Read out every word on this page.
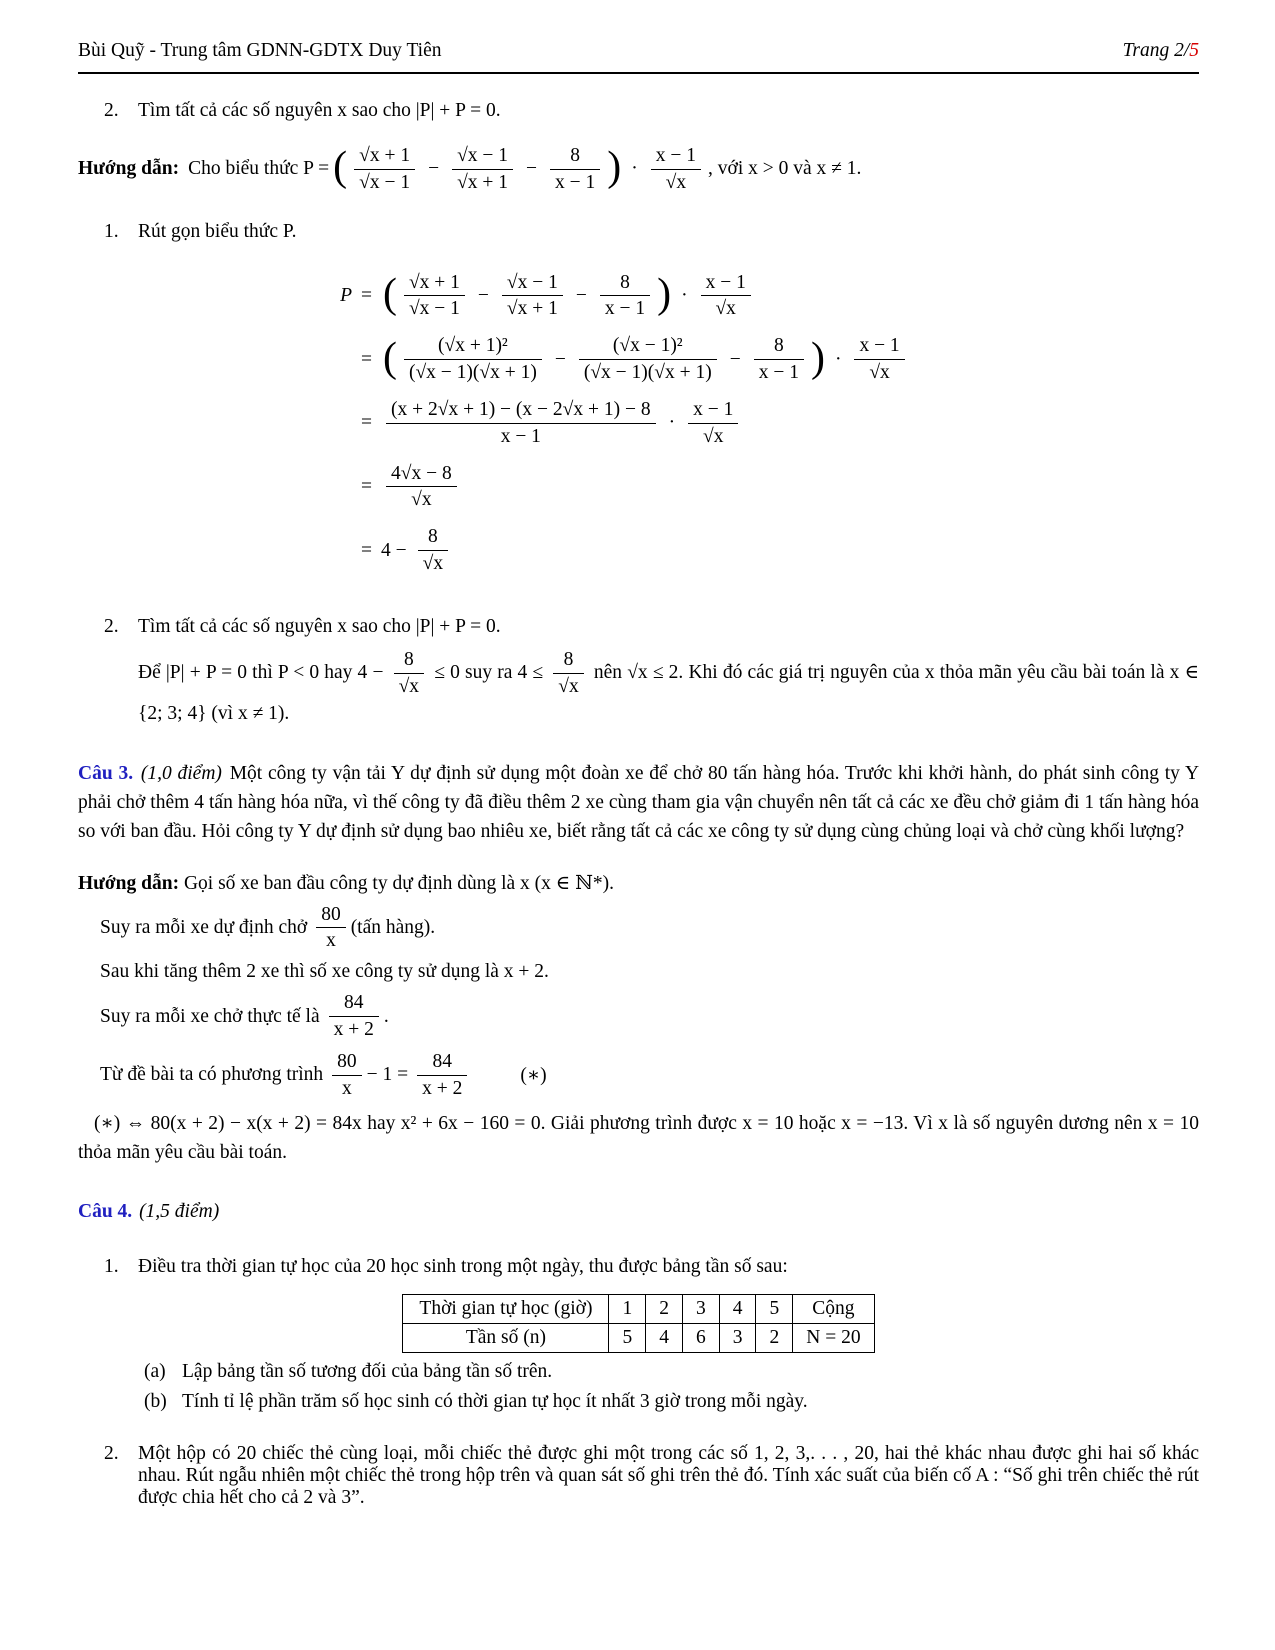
Bùi Quỹ - Trung tâm GDNN-GDTX Duy Tiên	Trang 2/5
2. Tìm tất cả các số nguyên x sao cho |P| + P = 0.

Hướng dẫn: Cho biểu thức P = ( $\frac{√x + 1}{√x - 1} - \frac{√x - 1}{√x + 1} - \frac{8}{x - 1}$ ) · $\frac{x - 1}{√x}$ , với x > 0 và x ≠ 1.
1. Rút gọn biểu thức P.

P = ( $\frac{√x + 1}{√x - 1} - \frac{√x - 1}{√x + 1} - \frac{8}{x - 1}$ ) · $\frac{x - 1}{√x}$
= ( $\frac{\text{(√x + 1)²}}{(√x - 1)(√x + 1)} - \frac{\text{(√x − 1)²}}{(√x - 1)(√x + 1)} - \frac{8}{x - 1}$ ) · $\frac{x - 1}{√x}$
= $\frac{(x + 2√x + 1) - (x - 2√x + 1) - 8}{x - 1} \cdot \frac{x - 1}{√x}$
= $\frac{4√x - 8}{√x}$
= $4 - \frac{8}{√x}$
2. Tìm tất cả các số nguyên x sao cho |P| + P = 0.

Để |P| + P = 0 thì P < 0 hay $4 - \frac{8}{√x} \le 0$ suy ra $4 \le \frac{8}{√x}$ nên √x ≤ 2. Khi đó các giá trị nguyên của x thỏa mãn yêu cầu bài toán là x ∈ {2; 3; 4} (vì x ≠ 1).

Câu 3. (1,0 điểm) Một công ty vận tải Y dự định sử dụng một đoàn xe để chở 80 tấn hàng hóa. Trước khi khởi hành, do phát sinh công ty Y phải chở thêm 4 tấn hàng hóa nữa, vì thế công ty đã điều thêm 2 xe cùng tham gia vận chuyển nên tất cả các xe đều chở giảm đi 1 tấn hàng hóa so với ban đầu. Hỏi công ty Y dự định sử dụng bao nhiêu xe, biết rằng tất cả các xe công ty sử dụng cùng chủng loại và chở cùng khối lượng?

Hướng dẫn: Gọi số xe ban đầu công ty dự định dùng là x (x ∈ ℕ*).

Suy ra mỗi xe dự định chở $\frac{80}{x}$ (tấn hàng).
Sau khi tăng thêm 2 xe thì số xe công ty sử dụng là x + 2.
Suy ra mỗi xe chở thực tế là $\frac{84}{x + 2}$ .
Từ đề bài ta có phương trình $\frac{80}{x} - 1 = \frac{84}{x + 2}$	(∗)

(∗) ⇔ 80(x + 2) − x(x + 2) = 84x hay x² + 6x − 160 = 0. Giải phương trình được x = 10 hoặc x = −13. Vì x là số nguyên dương nên x = 10 thỏa mãn yêu cầu bài toán.

Câu 4. (1,5 điểm)

1. Điều tra thời gian tự học của 20 học sinh trong một ngày, thu được bảng tần số sau:

Thời gian tự học (giờ)	1	2	3	4	5	Cộng
Tần số (n)	5	4	6	3	2	N = 20
(a) Lập bảng tần số tương đối của bảng tần số trên.

(b) Tính tỉ lệ phần trăm số học sinh có thời gian tự học ít nhất 3 giờ trong mỗi ngày.

2. Một hộp có 20 chiếc thẻ cùng loại, mỗi chiếc thẻ được ghi một trong các số 1, 2, 3,. . . , 20, hai thẻ khác nhau được ghi hai số khác nhau. Rút ngẫu nhiên một chiếc thẻ trong hộp trên và quan sát số ghi trên thẻ đó. Tính xác suất của biến cố A : “Số ghi trên chiếc thẻ rút được chia hết cho cả 2 và 3”.
